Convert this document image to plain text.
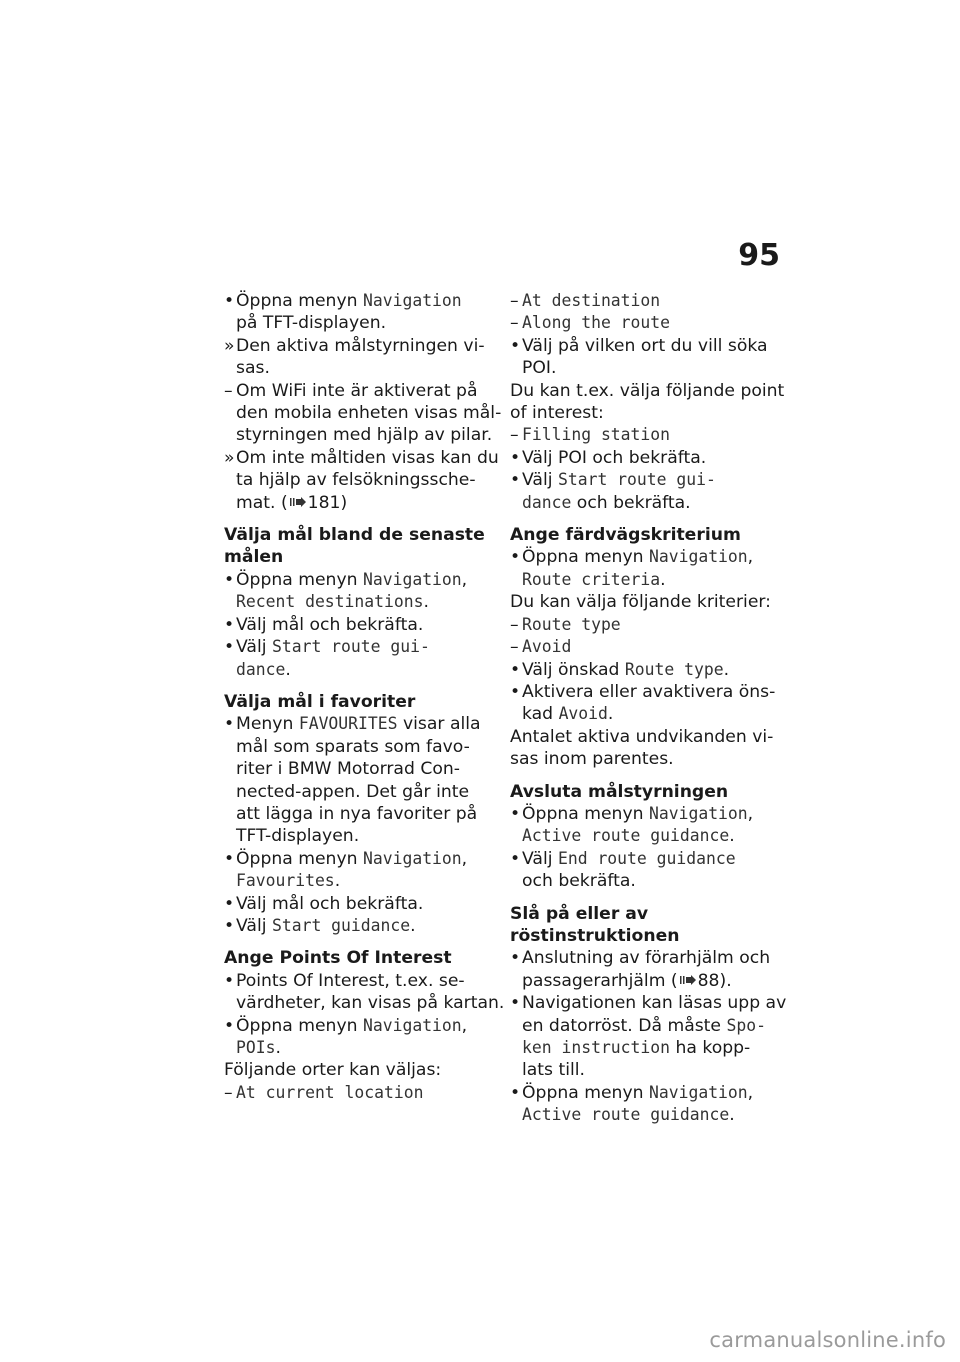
95
• Öppna menyn Navigation
på TFT-displayen.
»Den aktiva målstyrningen vi-
sas.
– Om WiFi inte är aktiverat på
den mobila enheten visas mål-
styrningen med hjälp av pilar.
»Om inte måltiden visas kan du
ta hjälp av felsökningssche-
mat. ( 181)
Välja mål bland de senaste
målen
• Öppna menyn Navigation,
Recent destinations.
• Välj mål och bekräfta.
• Välj Start route gui-
dance.
Välja mål i favoriter
• Menyn FAVOURITES visar alla
mål som sparats som favo-
riter i BMW Motorrad Con-
nected-appen. Det går inte
att lägga in nya favoriter på
TFT-displayen.
• Öppna menyn Navigation,
Favourites.
• Välj mål och bekräfta.
• Välj Start guidance.
Ange Points Of Interest
• Points Of Interest, t.ex. se-
värdheter, kan visas på kartan.
• Öppna menyn Navigation,
POIs.
Följande orter kan väljas:
– At current location
– At destination
– Along the route
• Välj på vilken ort du vill söka
POI.
Du kan t.ex. välja följande point
of interest:
– Filling station
• Välj POI och bekräfta.
• Välj Start route gui-
dance och bekräfta.
Ange färdvägskriterium
• Öppna menyn Navigation,
Route criteria.
Du kan välja följande kriterier:
– Route type
– Avoid
• Välj önskad Route type.
• Aktivera eller avaktivera öns-
kad Avoid.
Antalet aktiva undvikanden vi-
sas inom parentes.
Avsluta målstyrningen
• Öppna menyn Navigation,
Active route guidance.
• Välj End route guidance
och bekräfta.
Slå på eller av
röstinstruktionen
• Anslutning av förarhjälm och
passagerarhjälm ( 88).
• Navigationen kan läsas upp av
en datorröst. Då måste Spo-
ken instruction ha kopp-
lats till.
• Öppna menyn Navigation,
Active route guidance.
carmanualsonline.info
